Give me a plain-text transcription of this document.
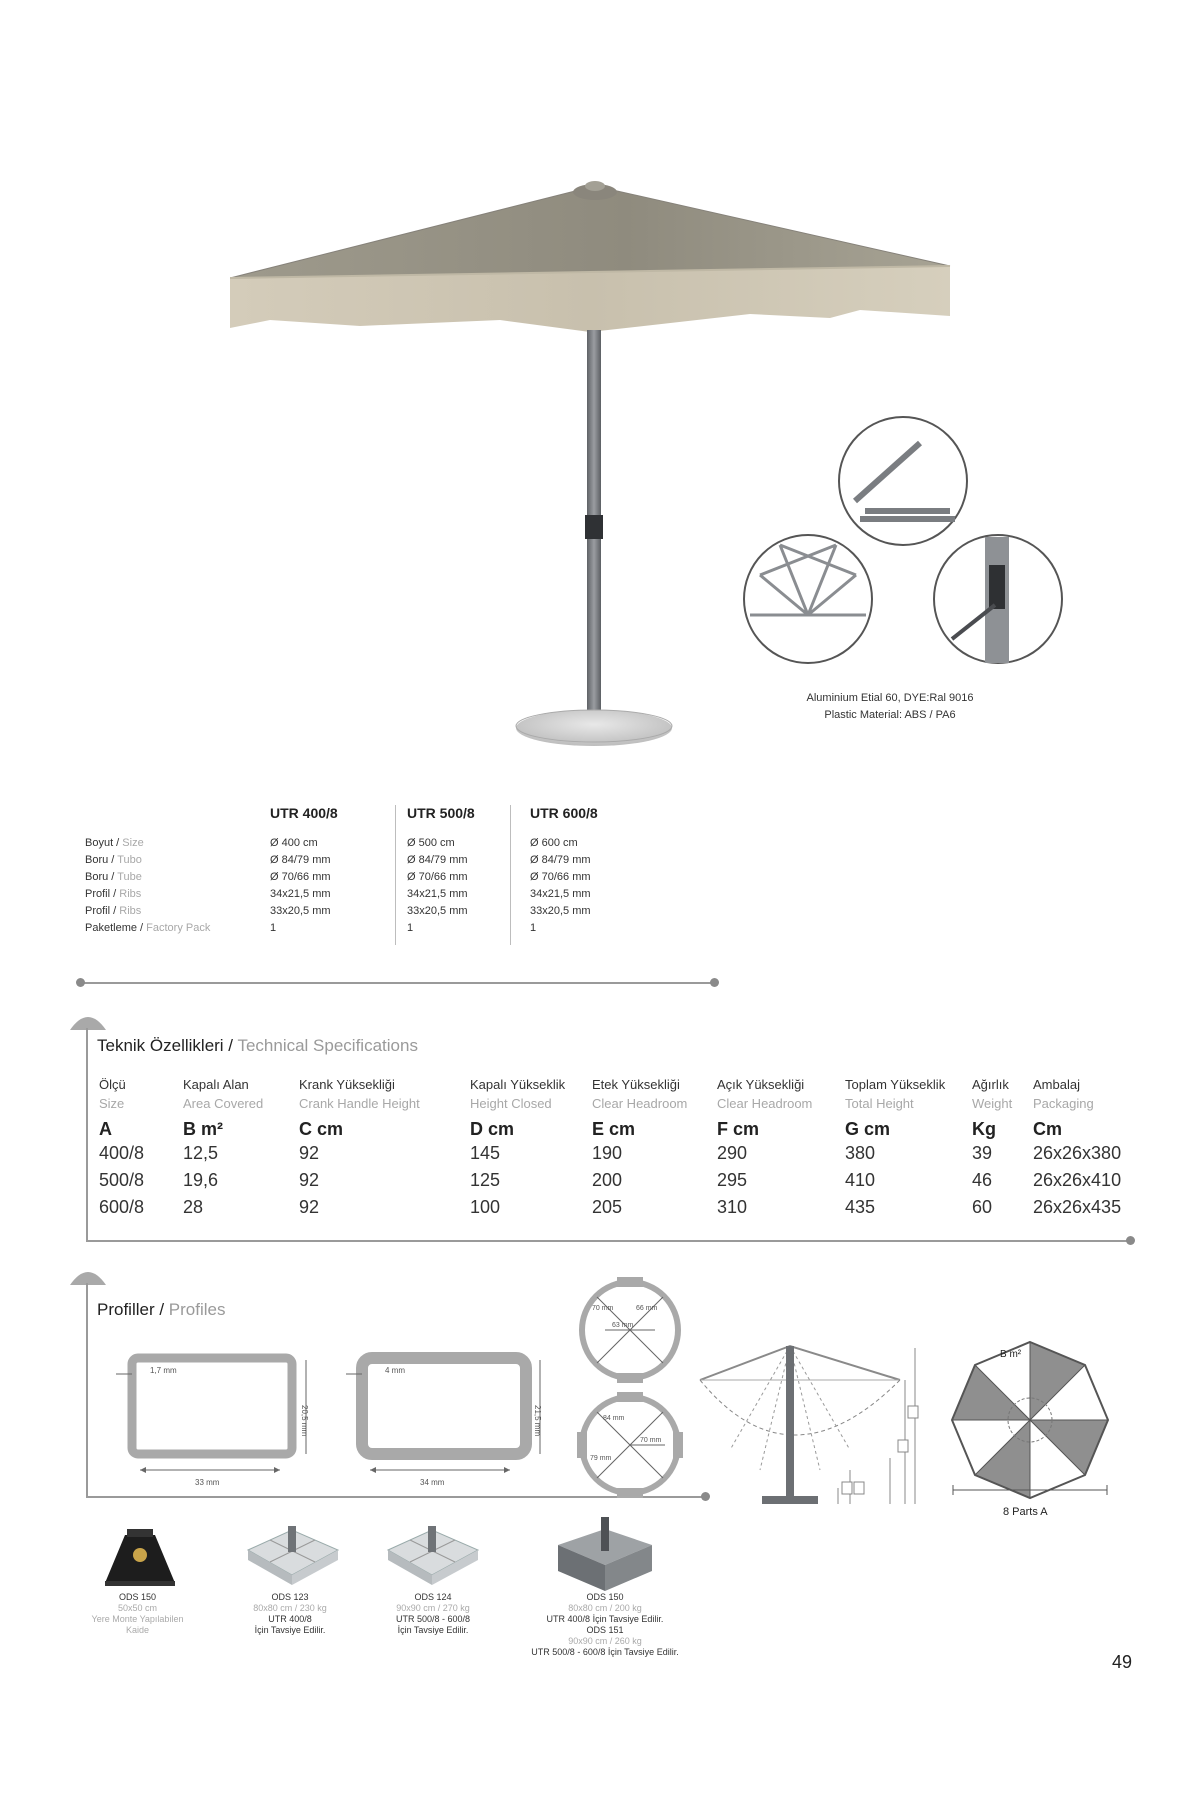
Aluminium Etial 60, DYE:Ral 9016
Plastic Material: ABS / PA6
Boyut / Size
Boru / Tubo
Boru / Tube
Profil / Ribs
Profil / Ribs
Paketleme / Factory Pack
UTR 400/8
Ø 400 cm
Ø 84/79 mm
Ø 70/66 mm
34x21,5 mm
33x20,5 mm
1
UTR 500/8
Ø 500 cm
Ø 84/79 mm
Ø 70/66 mm
34x21,5 mm
33x20,5 mm
1
UTR 600/8
Ø 600 cm
Ø 84/79 mm
Ø 70/66 mm
34x21,5 mm
33x20,5 mm
1
Teknik Özellikleri / Technical Specifications
Ölçü
Size
A
400/8
500/8
600/8
Kapalı Alan
Area Covered
B m²
12,5
19,6
28
Krank Yüksekliği
Crank Handle Height
C cm
92
92
92
Kapalı Yükseklik
Height Closed
D cm
145
125
100
Etek Yüksekliği
Clear Headroom
E cm
190
200
205
Açık Yüksekliği
Clear Headroom
F cm
290
295
310
Toplam Yükseklik
Total Height
G cm
380
410
435
Ağırlık
Weight
Kg
39
46
60
Ambalaj
Packaging
Cm
26x26x380
26x26x410
26x26x435
Profiller / Profiles
1,7 mm
20,5 mm
33 mm
4 mm
21,5 mm
34 mm
70 mm	66 mm
63 mm
84 mm
79 mm
70 mm
B m²
8 Parts A
ODS 150
50x50 cm
Yere Monte Yapılabilen
Kaide
ODS 123
80x80 cm / 230 kg
UTR 400/8
İçin Tavsiye Edilir.
ODS 124
90x90 cm / 270 kg
UTR 500/8 - 600/8
İçin Tavsiye Edilir.
ODS 150
80x80 cm / 200 kg
UTR 400/8 İçin Tavsiye Edilir.
ODS 151
90x90 cm / 260 kg
UTR 500/8 - 600/8 İçin Tavsiye Edilir.	49
